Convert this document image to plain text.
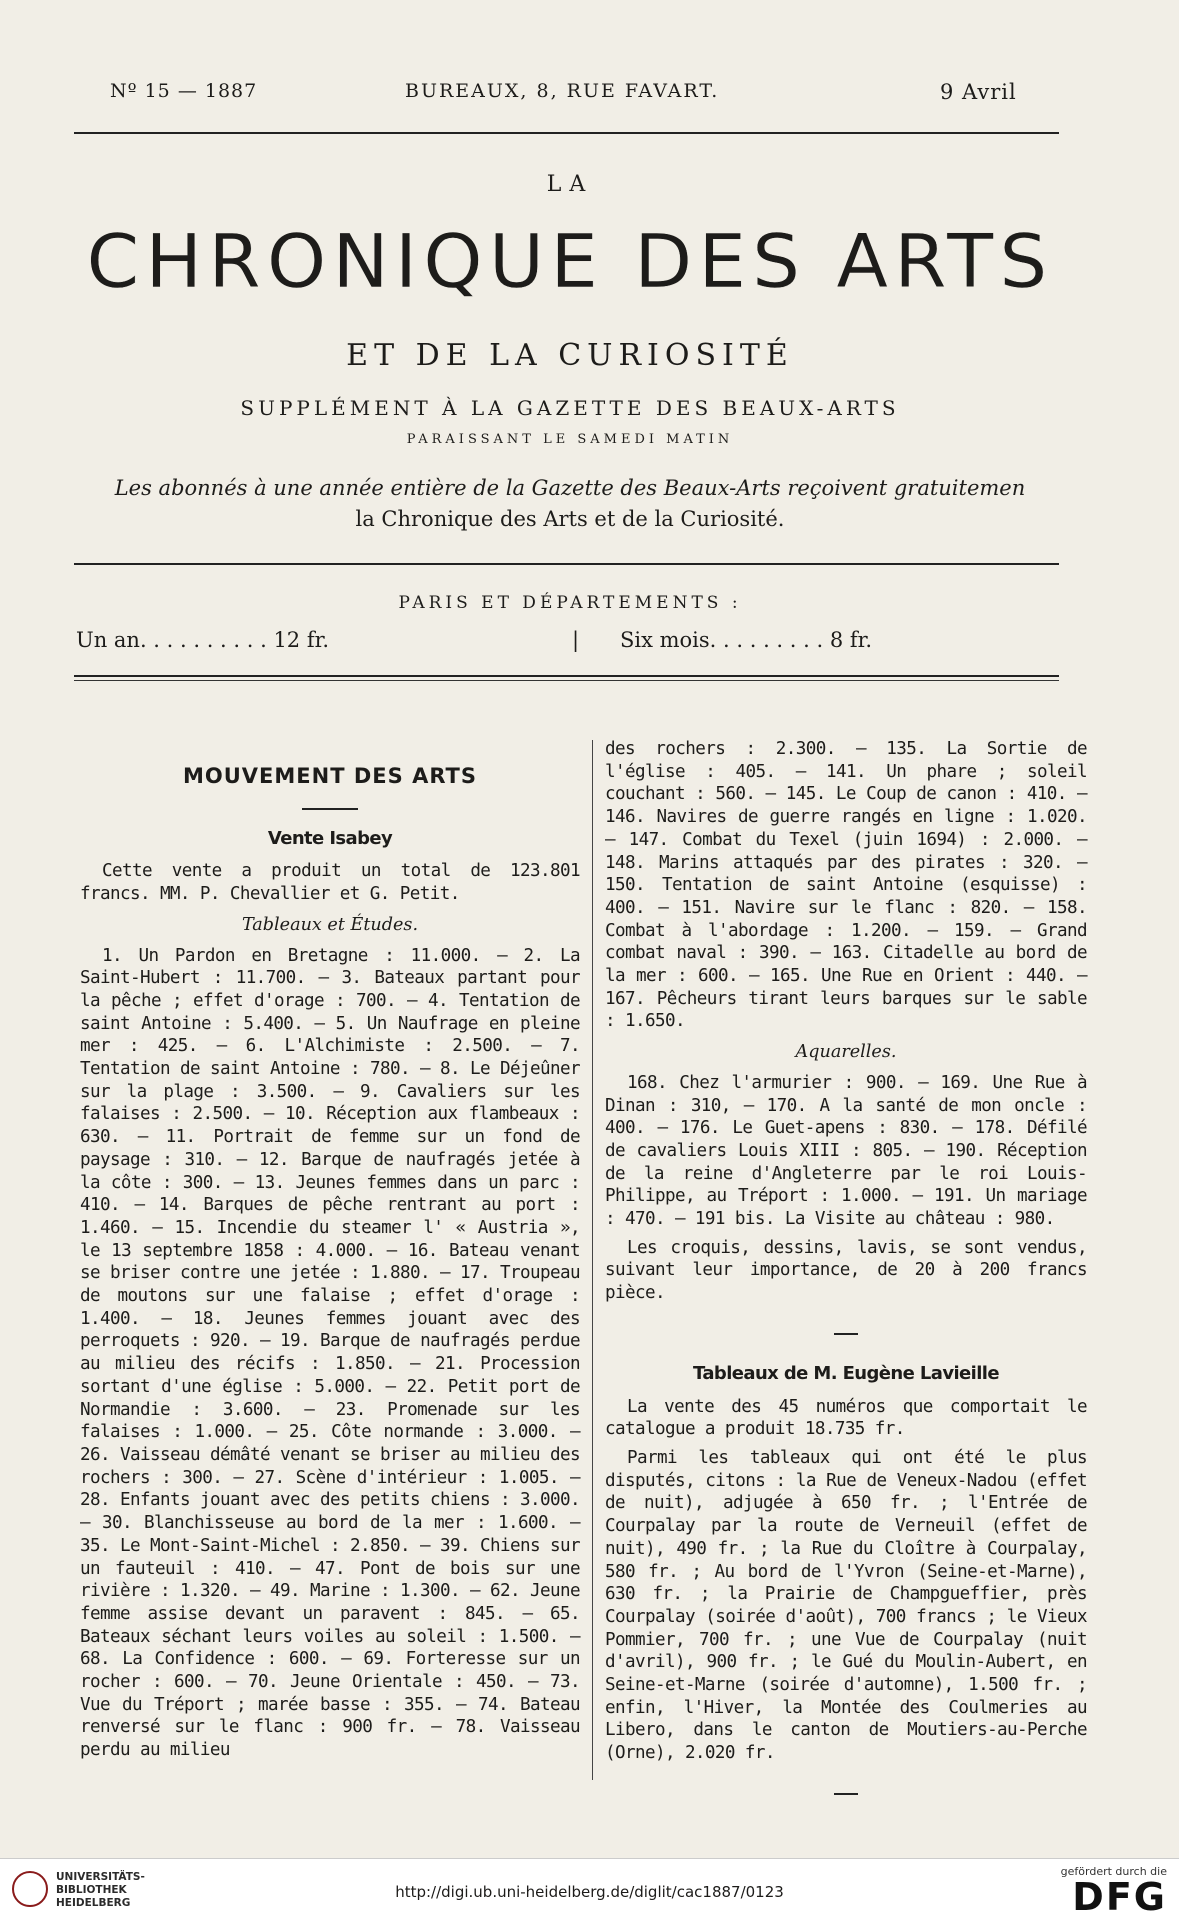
Nº 15 — 1887	BUREAUX, 8, RUE FAVART.	9 Avril
LA
CHRONIQUE DES ARTS
ET DE LA CURIOSITÉ
SUPPLÉMENT À LA GAZETTE DES BEAUX-ARTS
PARAISSANT LE SAMEDI MATIN
Les abonnés à une année entière de la Gazette des Beaux-Arts reçoivent gratuitemen
la Chronique des Arts et de la Curiosité.
PARIS ET DÉPARTEMENTS :
Un an. . . . . . . . . . 12 fr.	| Six mois. . . . . . . . . 8 fr.

MOUVEMENT DES ARTS

Vente Isabey

Cette vente a produit un total de 123.801 francs. MM. P. Chevallier et G. Petit.

Tableaux et Études.

1. Un Pardon en Bretagne : 11.000. — 2. La Saint-Hubert : 11.700. — 3. Bateaux partant pour la pêche ; effet d'orage : 700. — 4. Tentation de saint Antoine : 5.400. — 5. Un Naufrage en pleine mer : 425. — 6. L'Alchimiste : 2.500. — 7. Tentation de saint Antoine : 780. — 8. Le Déjeûner sur la plage : 3.500. — 9. Cavaliers sur les falaises : 2.500. — 10. Réception aux flambeaux : 630. — 11. Portrait de femme sur un fond de paysage : 310. — 12. Barque de naufragés jetée à la côte : 300. — 13. Jeunes femmes dans un parc : 410. — 14. Barques de pêche rentrant au port : 1.460. — 15. Incendie du steamer l' « Austria », le 13 septembre 1858 : 4.000. — 16. Bateau venant se briser contre une jetée : 1.880. — 17. Troupeau de moutons sur une falaise ; effet d'orage : 1.400. — 18. Jeunes femmes jouant avec des perroquets : 920. — 19. Barque de naufragés perdue au milieu des récifs : 1.850. — 21. Procession sortant d'une église : 5.000. — 22. Petit port de Normandie : 3.600. — 23. Promenade sur les falaises : 1.000. — 25. Côte normande : 3.000. — 26. Vaisseau démâté venant se briser au milieu des rochers : 300. — 27. Scène d'intérieur : 1.005. — 28. Enfants jouant avec des petits chiens : 3.000. — 30. Blanchisseuse au bord de la mer : 1.600. — 35. Le Mont-Saint-Michel : 2.850. — 39. Chiens sur un fauteuil : 410. — 47. Pont de bois sur une rivière : 1.320. — 49. Marine : 1.300. — 62. Jeune femme assise devant un paravent : 845. — 65. Bateaux séchant leurs voiles au soleil : 1.500. — 68. La Confidence : 600. — 69. Forteresse sur un rocher : 600. — 70. Jeune Orientale : 450. — 73. Vue du Tréport ; marée basse : 355. — 74. Bateau renversé sur le flanc : 900 fr. — 78. Vaisseau perdu au milieu

des rochers : 2.300. — 135. La Sortie de l'église : 405. — 141. Un phare ; soleil couchant : 560. — 145. Le Coup de canon : 410. — 146. Navires de guerre rangés en ligne : 1.020. — 147. Combat du Texel (juin 1694) : 2.000. — 148. Marins attaqués par des pirates : 320. — 150. Tentation de saint Antoine (esquisse) : 400. — 151. Navire sur le flanc : 820. — 158. Combat à l'abordage : 1.200. — 159. — Grand combat naval : 390. — 163. Citadelle au bord de la mer : 600. — 165. Une Rue en Orient : 440. — 167. Pêcheurs tirant leurs barques sur le sable : 1.650.

Aquarelles.

168. Chez l'armurier : 900. — 169. Une Rue à Dinan : 310, — 170. A la santé de mon oncle : 400. — 176. Le Guet-apens : 830. — 178. Défilé de cavaliers Louis XIII : 805. — 190. Réception de la reine d'Angleterre par le roi Louis-Philippe, au Tréport : 1.000. — 191. Un mariage : 470. — 191 bis. La Visite au château : 980.

Les croquis, dessins, lavis, se sont vendus, suivant leur importance, de 20 à 200 francs pièce.

Tableaux de M. Eugène Lavieille

La vente des 45 numéros que comportait le catalogue a produit 18.735 fr.

Parmi les tableaux qui ont été le plus disputés, citons : la Rue de Veneux-Nadou (effet de nuit), adjugée à 650 fr. ; l'Entrée de Courpalay par la route de Verneuil (effet de nuit), 490 fr. ; la Rue du Cloître à Courpalay, 580 fr. ; Au bord de l'Yvron (Seine-et-Marne), 630 fr. ; la Prairie de Champgueffier, près Courpalay (soirée d'août), 700 francs ; le Vieux Pommier, 700 fr. ; une Vue de Courpalay (nuit d'avril), 900 fr. ; le Gué du Moulin-Aubert, en Seine-et-Marne (soirée d'automne), 1.500 fr. ; enfin, l'Hiver, la Montée des Coulmeries au Libero, dans le canton de Moutiers-au-Perche (Orne), 2.020 fr.

UNIVERSITÄTS-
BIBLIOTHEK
HEIDELBERG
http://digi.ub.uni-heidelberg.de/diglit/cac1887/0123
gefördert durch die
DFG
